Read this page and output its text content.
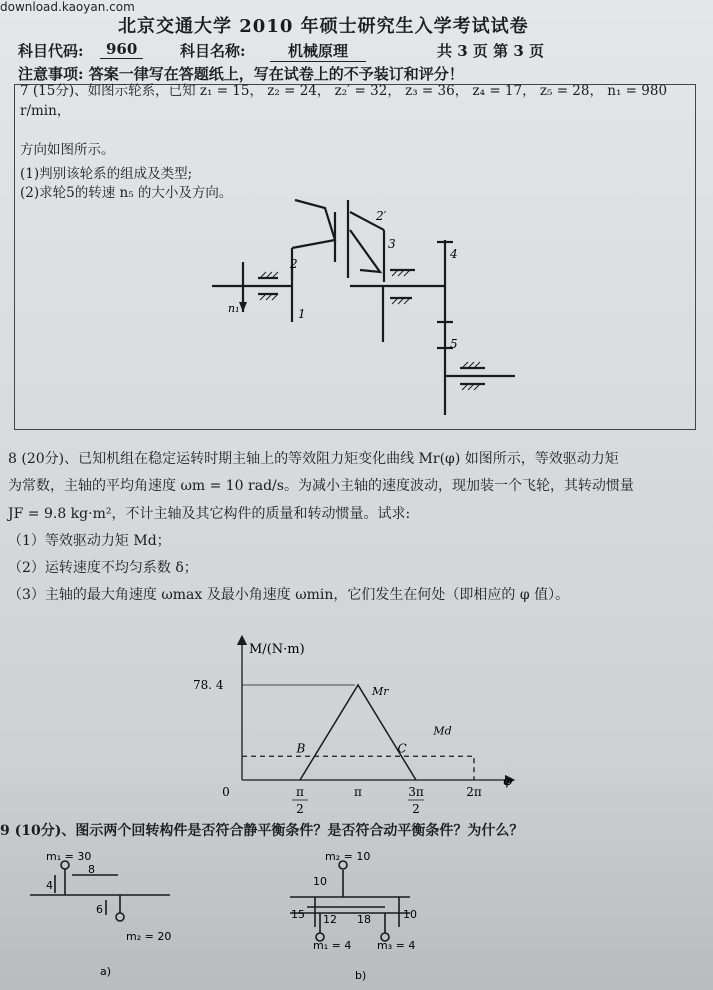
download.kaoyan.com
北京交通大学 2010 年硕士研究生入学考试试卷
科目代码:	960	科目名称:	机械原理	共 3 页 第 3 页
注意事项: 答案一律写在答题纸上，写在试卷上的不予装订和评分！
7 (15分)、如图示轮系，已知 z₁ = 15， z₂ = 24， z₂′ = 32， z₃ = 36， z₄ = 17， z₅ = 28， n₁ = 980 r/min，
方向如图所示。
(1)判别该轮系的组成及类型;
(2)求轮5的转速 n₅ 的大小及方向。
2
1
2′
3
4
5
n₁
8 (20分)、已知机组在稳定运转时期主轴上的等效阻力矩变化曲线 Mr(φ) 如图所示，等效驱动力矩
为常数，主轴的平均角速度 ωm = 10 rad/s。为减小主轴的速度波动，现加装一个飞轮，其转动惯量
JF = 9.8 kg·m²，不计主轴及其它构件的质量和转动惯量。试求:
（1）等效驱动力矩 Md；
（2）运转速度不均匀系数 δ；
（3）主轴的最大角速度 ωmax 及最小角速度 ωmin，它们发生在何处（即相应的 φ 值）。
M/(N·m)
φ
78. 4
0
2
π	π
2
3π	2π
Mr
Md
B	C
9 (10分)、图示两个回转构件是否符合静平衡条件？是否符合动平衡条件？为什么？
m₁ = 30
m₂ = 20
4
8
6
a)
m₂ = 10
m₁ = 4 m₃ = 4
10
15 12 18	10
b)
